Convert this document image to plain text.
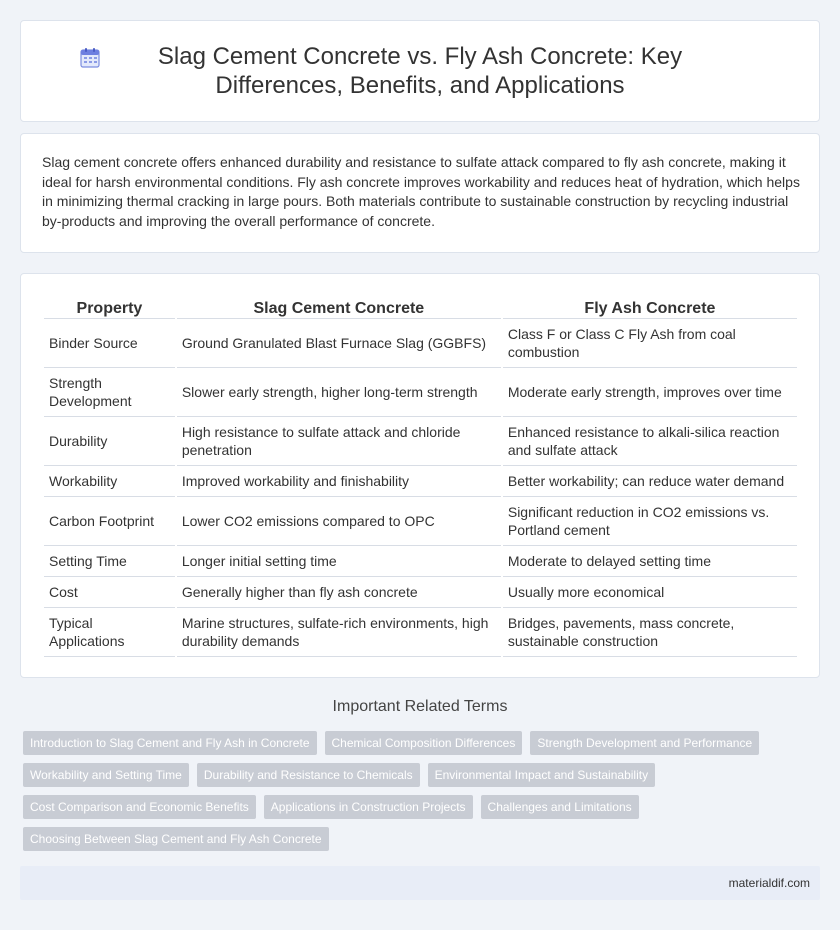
Slag Cement Concrete vs. Fly Ash Concrete: Key Differences, Benefits, and Applications

Slag cement concrete offers enhanced durability and resistance to sulfate attack compared to fly ash concrete, making it ideal for harsh environmental conditions. Fly ash concrete improves workability and reduces heat of hydration, which helps in minimizing thermal cracking in large pours. Both materials contribute to sustainable construction by recycling industrial by-products and improving the overall performance of concrete.

Property	Slag Cement Concrete	Fly Ash Concrete
Binder Source	Ground Granulated Blast Furnace Slag (GGBFS)	Class F or Class C Fly Ash from coal combustion
Strength Development	Slower early strength, higher long-term strength	Moderate early strength, improves over time
Durability	High resistance to sulfate attack and chloride penetration	Enhanced resistance to alkali-silica reaction and sulfate attack
Workability	Improved workability and finishability	Better workability; can reduce water demand
Carbon Footprint	Lower CO2 emissions compared to OPC	Significant reduction in CO2 emissions vs. Portland cement
Setting Time	Longer initial setting time	Moderate to delayed setting time
Cost	Generally higher than fly ash concrete	Usually more economical
Typical Applications	Marine structures, sulfate-rich environments, high durability demands	Bridges, pavements, mass concrete, sustainable construction
Important Related Terms
Introduction to Slag Cement and Fly Ash in Concrete	Chemical Composition Differences	Strength Development and Performance
Workability and Setting Time	Durability and Resistance to Chemicals	Environmental Impact and Sustainability
Cost Comparison and Economic Benefits	Applications in Construction Projects	Challenges and Limitations
Choosing Between Slag Cement and Fly Ash Concrete
materialdif.com
